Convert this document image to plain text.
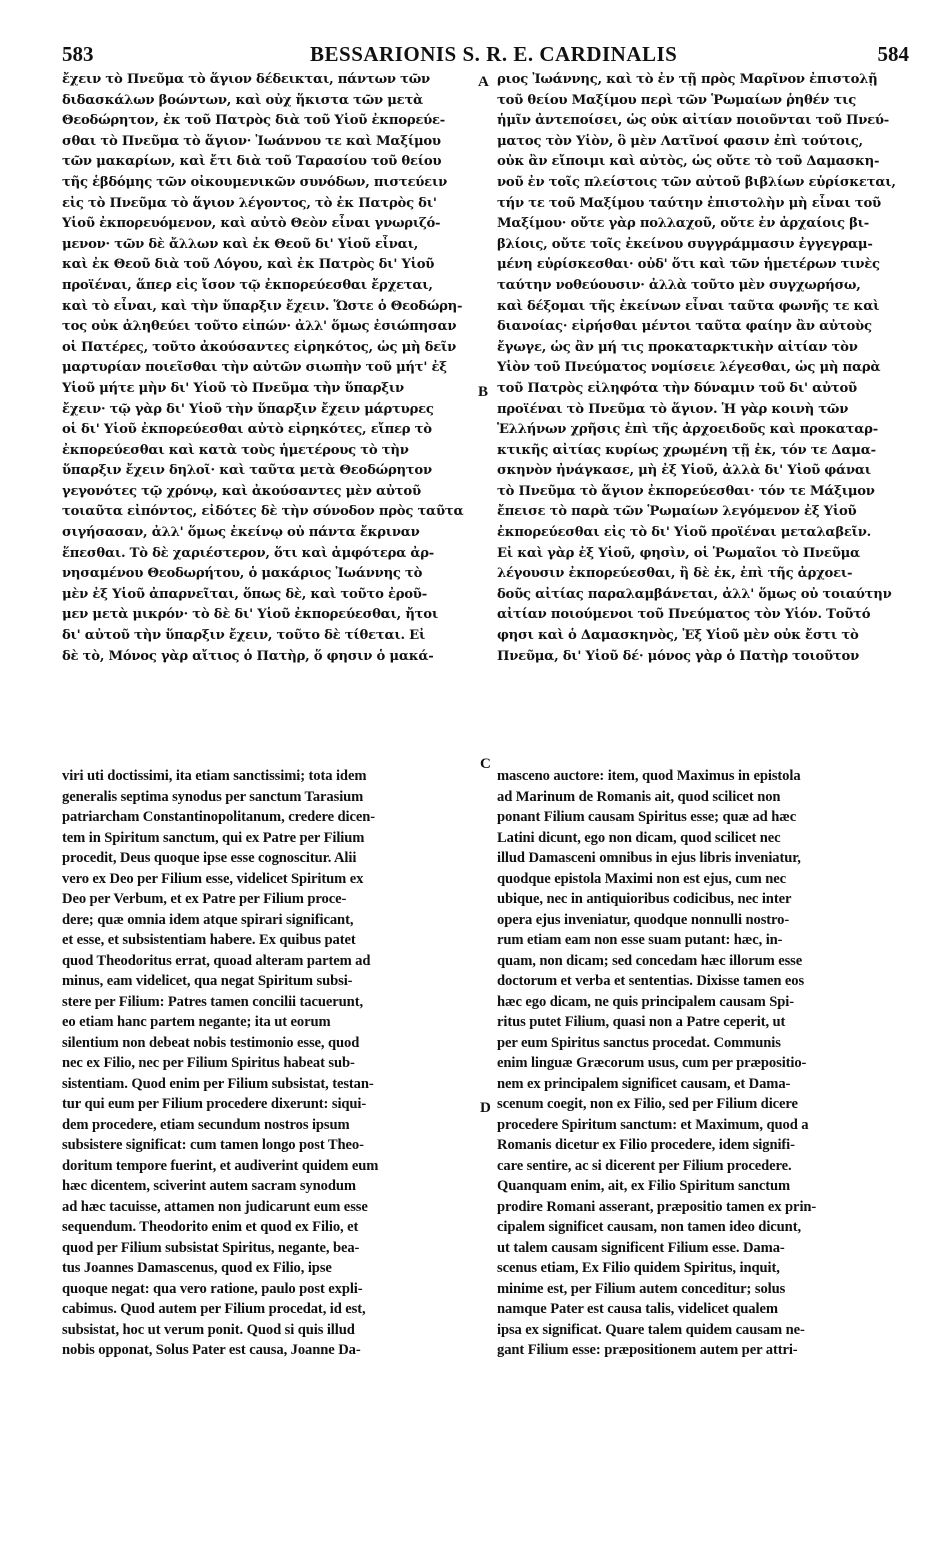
583	BESSARIONIS S. R. E. CARDINALIS	584

ἔχειν τὸ Πνεῦμα τὸ ἅγιον δέδεικται, πάντων τῶν

διδασκάλων βοώντων, καὶ οὐχ ἥκιστα τῶν μετὰ

Θεοδώρητον, ἐκ τοῦ Πατρὸς διὰ τοῦ Υἱοῦ ἐκπορεύε-

σθαι τὸ Πνεῦμα τὸ ἅγιον· Ἰωάννου τε καὶ Μαξίμου

τῶν μακαρίων, καὶ ἔτι διὰ τοῦ Ταρασίου τοῦ θείου

τῆς ἑβδόμης τῶν οἰκουμενικῶν συνόδων, πιστεύειν

εἰς τὸ Πνεῦμα τὸ ἅγιον λέγοντος, τὸ ἐκ Πατρὸς δι'

Υἱοῦ ἐκπορευόμενον, καὶ αὐτὸ Θεὸν εἶναι γνωριζό-

μενον· τῶν δὲ ἄλλων καὶ ἐκ Θεοῦ δι' Υἱοῦ εἶναι,

καὶ ἐκ Θεοῦ διὰ τοῦ Λόγου, καὶ ἐκ Πατρὸς δι' Υἱοῦ

προϊέναι, ἅπερ εἰς ἴσον τῷ ἐκπορεύεσθαι ἔρχεται,

καὶ τὸ εἶναι, καὶ τὴν ὕπαρξιν ἔχειν. Ὥστε ὁ Θεοδώρη-

τος οὐκ ἀληθεύει τοῦτο εἰπών· ἀλλ' ὅμως ἐσιώπησαν

οἱ Πατέρες, τοῦτο ἀκούσαντες εἰρηκότος, ὡς μὴ δεῖν

μαρτυρίαν ποιεῖσθαι τὴν αὐτῶν σιωπὴν τοῦ μήτ' ἐξ

Υἱοῦ μήτε μὴν δι' Υἱοῦ τὸ Πνεῦμα τὴν ὕπαρξιν

ἔχειν· τῷ γὰρ δι' Υἱοῦ τὴν ὕπαρξιν ἔχειν μάρτυρες

οἱ δι' Υἱοῦ ἐκπορεύεσθαι αὐτὸ εἰρηκότες, εἴπερ τὸ

ἐκπορεύεσθαι καὶ κατὰ τοὺς ἡμετέρους τὸ τὴν

ὕπαρξιν ἔχειν δηλοῖ· καὶ ταῦτα μετὰ Θεοδώρητον

γεγονότες τῷ χρόνῳ, καὶ ἀκούσαντες μὲν αὐτοῦ

τοιαῦτα εἰπόντος, εἰδότες δὲ τὴν σύνοδον πρὸς ταῦτα

σιγήσασαν, ἀλλ' ὅμως ἐκείνῳ οὐ πάντα ἔκριναν

ἕπεσθαι. Τὸ δὲ χαριέστερον, ὅτι καὶ ἀμφότερα ἀρ-

νησαμένου Θεοδωρήτου, ὁ μακάριος Ἰωάννης τὸ

μὲν ἐξ Υἱοῦ ἀπαρνεῖται, ὅπως δὲ, καὶ τοῦτο ἐροῦ-

μεν μετὰ μικρόν· τὸ δὲ δι' Υἱοῦ ἐκπορεύεσθαι, ἤτοι

δι' αὐτοῦ τὴν ὕπαρξιν ἔχειν, τοῦτο δὲ τίθεται. Εἰ

δὲ τὸ, Μόνος γὰρ αἴτιος ὁ Πατὴρ, ὅ φησιν ὁ μακά-

ριος Ἰωάννης, καὶ τὸ ἐν τῇ πρὸς Μαρῖνον ἐπιστολῇ

τοῦ θείου Μαξίμου περὶ τῶν Ῥωμαίων ῥηθέν τις

ἡμῖν ἀντεποίσει, ὡς οὐκ αἰτίαν ποιοῦνται τοῦ Πνεύ-

ματος τὸν Υἱὸν, ὃ μὲν Λατῖνοί φασιν ἐπὶ τούτοις,

οὐκ ἂν εἴποιμι καὶ αὐτὸς, ὡς οὔτε τὸ τοῦ Δαμασκη-

νοῦ ἐν τοῖς πλείστοις τῶν αὐτοῦ βιβλίων εὑρίσκεται,

τήν τε τοῦ Μαξίμου ταύτην ἐπιστολὴν μὴ εἶναι τοῦ

Μαξίμου· οὔτε γὰρ πολλαχοῦ, οὔτε ἐν ἀρχαίοις βι-

βλίοις, οὔτε τοῖς ἐκείνου συγγράμμασιν ἐγγεγραμ-

μένη εὑρίσκεσθαι· οὐδ' ὅτι καὶ τῶν ἡμετέρων τινὲς

ταύτην νοθεύουσιν· ἀλλὰ τοῦτο μὲν συγχωρήσω,

καὶ δέξομαι τῆς ἐκείνων εἶναι ταῦτα φωνῆς τε καὶ

διανοίας· εἰρήσθαι μέντοι ταῦτα φαίην ἂν αὐτοὺς

ἔγωγε, ὡς ἂν μή τις προκαταρκτικὴν αἰτίαν τὸν

Υἱὸν τοῦ Πνεύματος νομίσειε λέγεσθαι, ὡς μὴ παρὰ

τοῦ Πατρὸς εἰληφότα τὴν δύναμιν τοῦ δι' αὐτοῦ

προϊέναι τὸ Πνεῦμα τὸ ἅγιον. Ἡ γὰρ κοινὴ τῶν

Ἑλλήνων χρῆσις ἐπὶ τῆς ἀρχοειδοῦς καὶ προκαταρ-

κτικῆς αἰτίας κυρίως χρωμένη τῇ ἐκ, τόν τε Δαμα-

σκηνὸν ἠνάγκασε, μὴ ἐξ Υἱοῦ, ἀλλὰ δι' Υἱοῦ φάναι

τὸ Πνεῦμα τὸ ἅγιον ἐκπορεύεσθαι· τόν τε Μάξιμον

ἔπεισε τὸ παρὰ τῶν Ῥωμαίων λεγόμενον ἐξ Υἱοῦ

ἐκπορεύεσθαι εἰς τὸ δι' Υἱοῦ προϊέναι μεταλαβεῖν.

Εἰ καὶ γὰρ ἐξ Υἱοῦ, φησὶν, οἱ Ῥωμαῖοι τὸ Πνεῦμα

λέγουσιν ἐκπορεύεσθαι, ἢ δὲ ἐκ, ἐπὶ τῆς ἀρχοει-

δοῦς αἰτίας παραλαμβάνεται, ἀλλ' ὅμως οὐ τοιαύτην

αἰτίαν ποιούμενοι τοῦ Πνεύματος τὸν Υἱόν. Τοῦτό

φησι καὶ ὁ Δαμασκηνὸς, Ἐξ Υἱοῦ μὲν οὐκ ἔστι τὸ

Πνεῦμα, δι' Υἱοῦ δέ· μόνος γὰρ ὁ Πατὴρ τοιοῦτον

viri uti doctissimi, ita etiam sanctissimi; tota idem

generalis septima synodus per sanctum Tarasium

patriarcham Constantinopolitanum, credere dicen-

tem in Spiritum sanctum, qui ex Patre per Filium

procedit, Deus quoque ipse esse cognoscitur. Alii

vero ex Deo per Filium esse, videlicet Spiritum ex

Deo per Verbum, et ex Patre per Filium proce-

dere; quæ omnia idem atque spirari significant,

et esse, et subsistentiam habere. Ex quibus patet

quod Theodoritus errat, quoad alteram partem ad

minus, eam videlicet, qua negat Spiritum subsi-

stere per Filium: Patres tamen concilii tacuerunt,

eo etiam hanc partem negante; ita ut eorum

silentium non debeat nobis testimonio esse, quod

nec ex Filio, nec per Filium Spiritus habeat sub-

sistentiam. Quod enim per Filium subsistat, testan-

tur qui eum per Filium procedere dixerunt: siqui-

dem procedere, etiam secundum nostros ipsum

subsistere significat: cum tamen longo post Theo-

doritum tempore fuerint, et audiverint quidem eum

hæc dicentem, sciverint autem sacram synodum

ad hæc tacuisse, attamen non judicarunt eum esse

sequendum. Theodorito enim et quod ex Filio, et

quod per Filium subsistat Spiritus, negante, bea-

tus Joannes Damascenus, quod ex Filio, ipse

quoque negat: qua vero ratione, paulo post expli-

cabimus. Quod autem per Filium procedat, id est,

subsistat, hoc ut verum ponit. Quod si quis illud

nobis opponat, Solus Pater est causa, Joanne Da-

masceno auctore: item, quod Maximus in epistola

ad Marinum de Romanis ait, quod scilicet non

ponant Filium causam Spiritus esse; quæ ad hæc

Latini dicunt, ego non dicam, quod scilicet nec

illud Damasceni omnibus in ejus libris inveniatur,

quodque epistola Maximi non est ejus, cum nec

ubique, nec in antiquioribus codicibus, nec inter

opera ejus inveniatur, quodque nonnulli nostro-

rum etiam eam non esse suam putant: hæc, in-

quam, non dicam; sed concedam hæc illorum esse

doctorum et verba et sententias. Dixisse tamen eos

hæc ego dicam, ne quis principalem causam Spi-

ritus putet Filium, quasi non a Patre ceperit, ut

per eum Spiritus sanctus procedat. Communis

enim linguæ Græcorum usus, cum per præpositio-

nem ex principalem significet causam, et Dama-

scenum coegit, non ex Filio, sed per Filium dicere

procedere Spiritum sanctum: et Maximum, quod a

Romanis dicetur ex Filio procedere, idem signifi-

care sentire, ac si dicerent per Filium procedere.

Quanquam enim, ait, ex Filio Spiritum sanctum

prodire Romani asserant, præpositio tamen ex prin-

cipalem significet causam, non tamen ideo dicunt,

ut talem causam significent Filium esse. Dama-

scenus etiam, Ex Filio quidem Spiritus, inquit,

minime est, per Filium autem conceditur; solus

namque Pater est causa talis, videlicet qualem

ipsa ex significat. Quare talem quidem causam ne-

gant Filium esse: præpositionem autem per attri-

A
B
C
D
